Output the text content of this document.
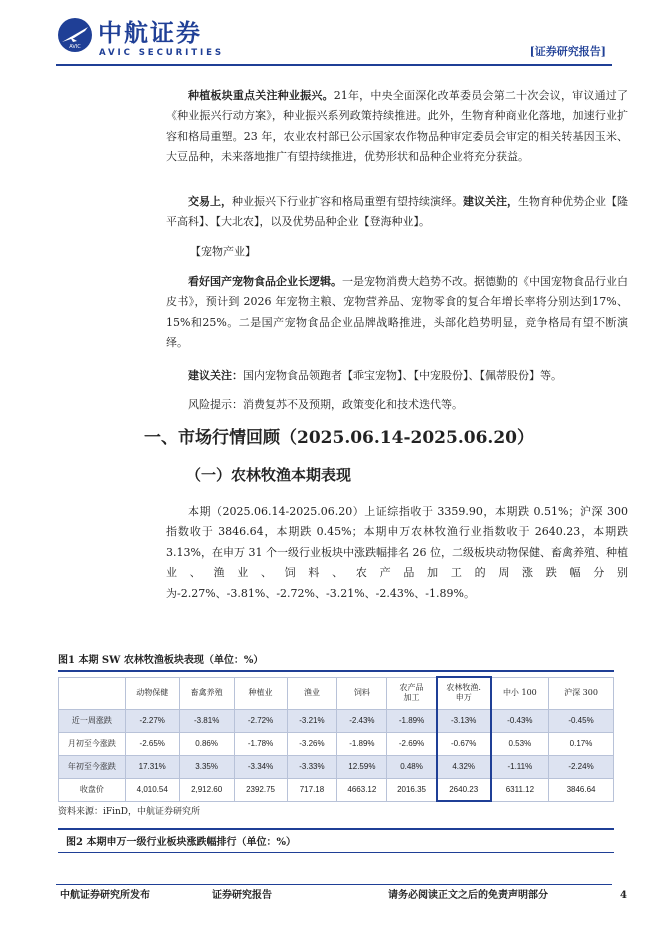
AVIC 中航证券
AVIC SECURITIES	[证券研究报告]

种植板块重点关注种业振兴。21年，中央全面深化改革委员会第二十次会议，审议通过了《种业振兴行动方案》，种业振兴系列政策持续推进。此外，生物育种商业化落地，加速行业扩容和格局重塑。23 年，农业农村部已公示国家农作物品种审定委员会审定的相关转基因玉米、大豆品种，未来落地推广有望持续推进，优势形状和品种企业将充分获益。

交易上，种业振兴下行业扩容和格局重塑有望持续演绎。建议关注，生物育种优势企业【隆平高科】、【大北农】，以及优势品种企业【登海种业】。

【宠物产业】

看好国产宠物食品企业长逻辑。一是宠物消费大趋势不改。据德勤的《中国宠物食品行业白皮书》，预计到 2026 年宠物主粮、宠物营养品、宠物零食的复合年增长率将分别达到17%、15%和25%。二是国产宠物食品企业品牌战略推进，头部化趋势明显，竞争格局有望不断演绎。

建议关注：国内宠物食品领跑者【乖宝宠物】、【中宠股份】、【佩蒂股份】等。

风险提示：消费复苏不及预期，政策变化和技术迭代等。

一、市场行情回顾（2025.06.14-2025.06.20）
（一）农林牧渔本期表现

本期（2025.06.14-2025.06.20）上证综指收于 3359.90，本期跌 0.51%；沪深 300 指数收于 3846.64，本期跌 0.45%；本期申万农林牧渔行业指数收于 2640.23，本期跌 3.13%，在申万 31 个一级行业板块中涨跌幅排名 26 位，二级板块动物保健、畜禽养殖、种植业、渔业、饲料、农产品加工的周涨跌幅分别为-2.27%、-3.81%、-2.72%、-3.21%、-2.43%、-1.89%。

图1 本期 SW 农林牧渔板块表现（单位：%）
	动物保健	畜禽养殖	种植业	渔业	饲料	农产品
加工	农林牧渔.
申万	中小 100	沪深 300
近一周涨跌	-2.27%	-3.81%	-2.72%	-3.21%	-2.43%	-1.89%	-3.13%	-0.43%	-0.45%
月初至今涨跌	-2.65%	0.86%	-1.78%	-3.26%	-1.89%	-2.69%	-0.67%	0.53%	0.17%
年初至今涨跌	17.31%	3.35%	-3.34%	-3.33%	12.59%	0.48%	4.32%	-1.11%	-2.24%
收盘价	4,010.54	2,912.60	2392.75	717.18	4663.12	2016.35	2640.23	6311.12	3846.64
资料来源：iFinD，中航证券研究所
图2 本期申万一级行业板块涨跌幅排行（单位：%）
中航证券研究所发布	证券研究报告	请务必阅读正文之后的免责声明部分	4
